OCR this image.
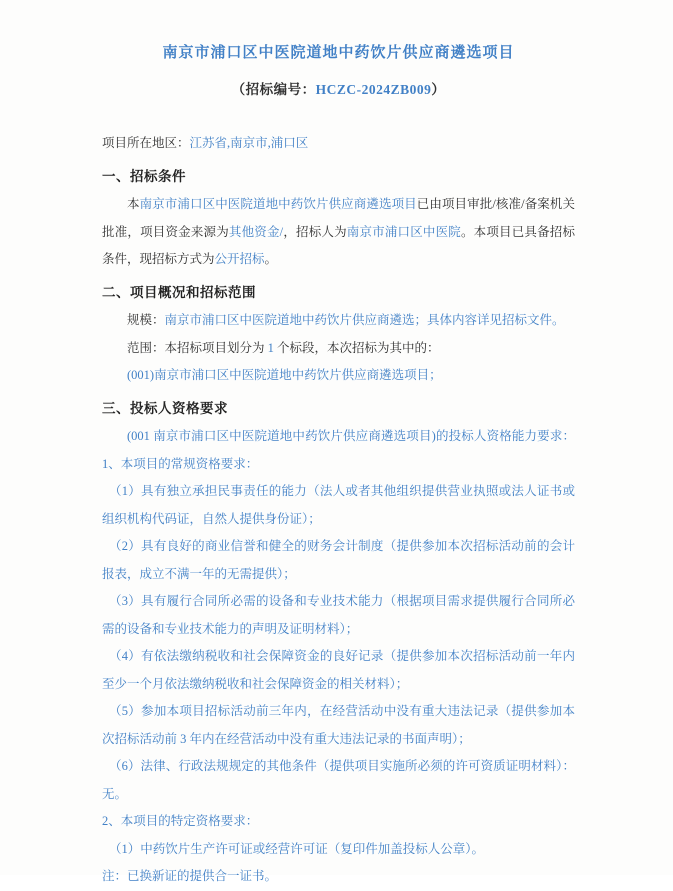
南京市浦口区中医院道地中药饮片供应商遴选项目
（招标编号：HCZC-2024ZB009）

项目所在地区：江苏省,南京市,浦口区

一、招标条件

本南京市浦口区中医院道地中药饮片供应商遴选项目已由项目审批/核准/备案机关批准，项目资金来源为其他资金/，招标人为南京市浦口区中医院。本项目已具备招标条件，现招标方式为公开招标。

二、项目概况和招标范围

规模：南京市浦口区中医院道地中药饮片供应商遴选；具体内容详见招标文件。

范围：本招标项目划分为 1 个标段，本次招标为其中的：

(001)南京市浦口区中医院道地中药饮片供应商遴选项目；

三、投标人资格要求

(001 南京市浦口区中医院道地中药饮片供应商遴选项目)的投标人资格能力要求：1、本项目的常规资格要求：

（1）具有独立承担民事责任的能力（法人或者其他组织提供营业执照或法人证书或组织机构代码证，自然人提供身份证）；

（2）具有良好的商业信誉和健全的财务会计制度（提供参加本次招标活动前的会计报表，成立不满一年的无需提供）；

（3）具有履行合同所必需的设备和专业技术能力（根据项目需求提供履行合同所必需的设备和专业技术能力的声明及证明材料）；

（4）有依法缴纳税收和社会保障资金的良好记录（提供参加本次招标活动前一年内至少一个月依法缴纳税收和社会保障资金的相关材料）；

（5）参加本项目招标活动前三年内，在经营活动中没有重大违法记录（提供参加本次招标活动前 3 年内在经营活动中没有重大违法记录的书面声明）；

（6）法律、行政法规规定的其他条件（提供项目实施所必须的许可资质证明材料）：无。

2、本项目的特定资格要求：

（1）中药饮片生产许可证或经营许可证（复印件加盖投标人公章）。

注：已换新证的提供合一证书。
